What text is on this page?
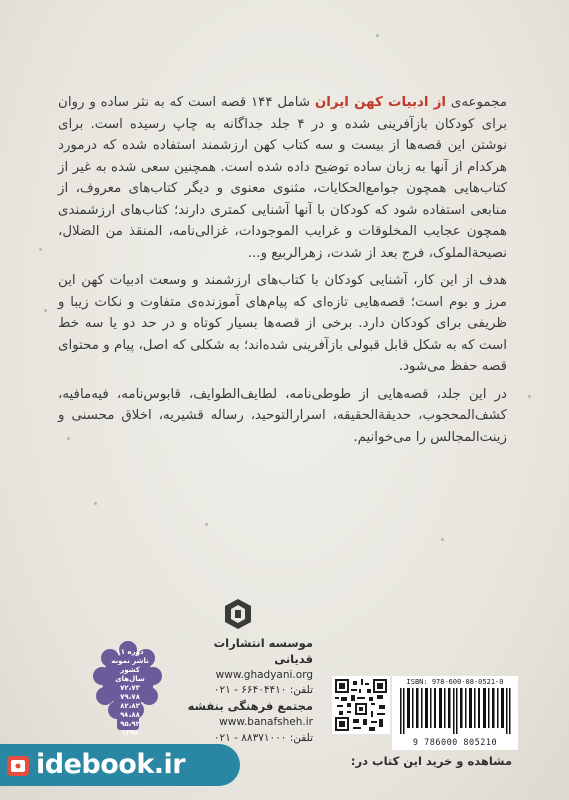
مجموعه‌ی از ادبیات کهن ایران شامل ۱۴۴ قصه است که به نثر ساده و روان برای کودکان بازآفرینی شده و در ۴ جلد جداگانه به چاپ رسیده است. برای نوشتن این قصه‌ها از بیست و سه کتاب کهن ارزشمند استفاده شده که درمورد هرکدام از آنها به زبان ساده توضیح داده شده است. همچنین سعی شده به غیر از کتاب‌هایی همچون جوامع‌الحکایات، مثنوی معنوی و دیگر کتاب‌های معروف، از منابعی استفاده شود که کودکان با آنها آشنایی کمتری دارند؛ کتاب‌های ارزشمندی همچون عجایب المخلوقات و غرایب الموجودات، غزالی‌نامه، المنقذ من الضلال، نصیحة‌الملوک، فرج بعد از شدت، زهرالربیع و...

هدف از این کار، آشنایی کودکان با کتاب‌های ارزشمند و وسعت ادبیات کهن این مرز و بوم است؛ قصه‌هایی تازه‌ای که پیام‌های آموزنده‌ی متفاوت و نکات زیبا و ظریفی برای کودکان دارد. برخی از قصه‌ها بسیار کوتاه و در حد دو یا سه خط است که به شکل قابل قبولی بازآفرینی شده‌اند؛ به شکلی که اصل، پیام و محتوای قصه حفظ می‌شود.

در این جلد، قصه‌هایی از طوطی‌نامه، لطایف‌الطوایف، قابوس‌نامه، فیه‌مافیه، کشف‌المحجوب، حدیقة‌الحقیقه، اسرارالتوحید، رساله قشیریه، اخلاق محسنی و زینت‌المجالس را می‌خوانیم.

موسسه انتشارات قدیانی
www.ghadyani.org
تلفن: ۶۶۴۰۴۴۱۰ - ۰۲۱
مجتمع فرهنگی بنفشه
www.banafsheh.ir
تلفن: ۸۸۳۷۱۰۰۰ - ۰۲۱
۱۱ دوره
ناشر نمونه
کشور
سال‌های
۷۲،۷۳
۷۹،۷۸
۸۲،۸۳
۹۱،۸۸
۹۵،۹۲
۱۳۹۶
ISBN: 978-600-08-0521-0
9 786000 805210
idebook.ir	مشاهده و خرید این کتاب در:
